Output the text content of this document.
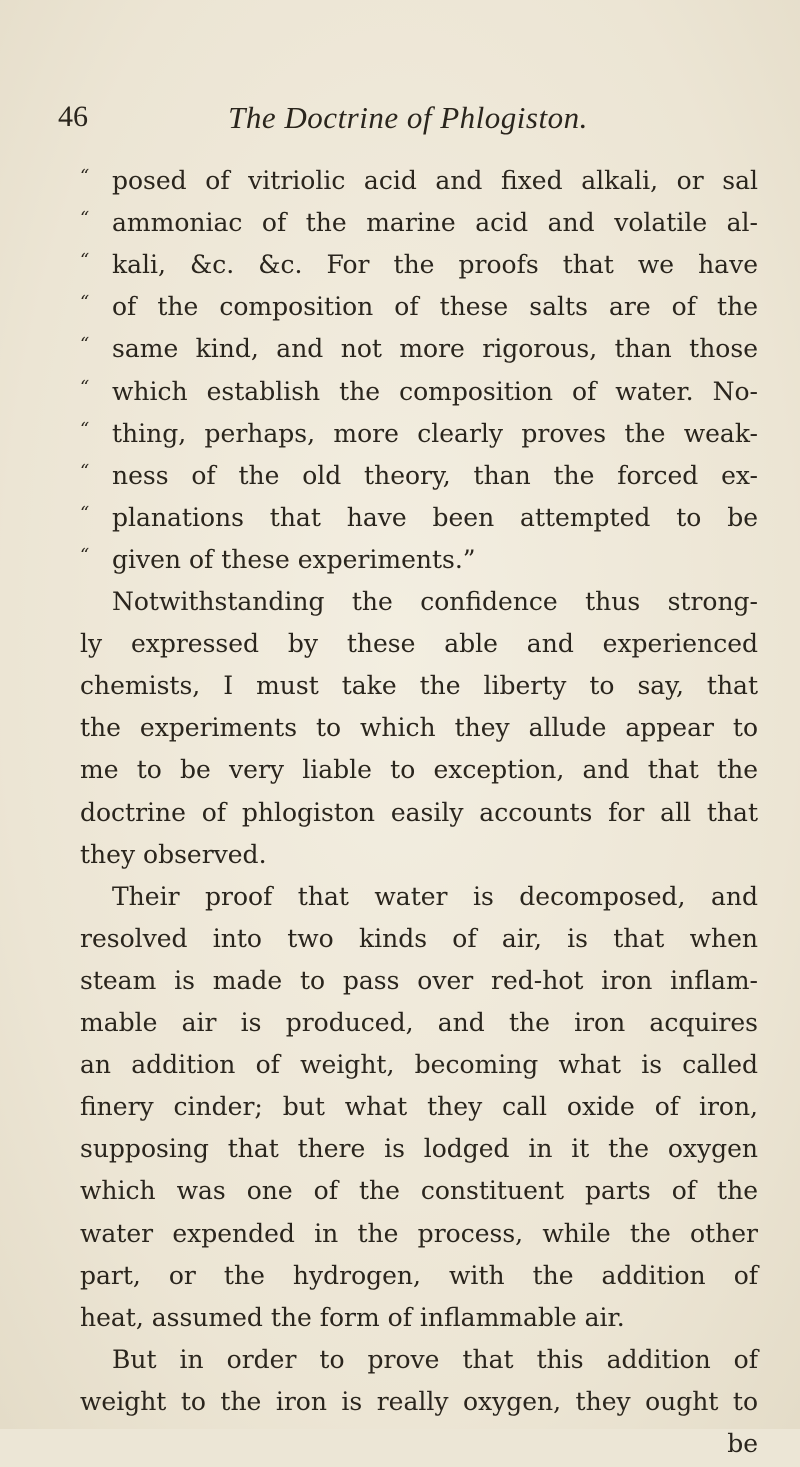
46	The Doctrine of Phlogiston.
“ posed of vitriolic acid and fixed alkali, or sal
“ ammoniac of the marine acid and volatile al-
“ kali, &c. &c. For the proofs that we have
“ of the composition of these salts are of the
“ same kind, and not more rigorous, than those
“ which establish the composition of water. No-
“ thing, perhaps, more clearly proves the weak-
“ ness of the old theory, than the forced ex-
“ planations that have been attempted to be
“ given of these experiments.”
Notwithstanding the confidence thus strong-
ly expressed by these able and experienced
chemists, I must take the liberty to say, that
the experiments to which they allude appear to
me to be very liable to exception, and that the
doctrine of phlogiston easily accounts for all that
they observed.
Their proof that water is decomposed, and
resolved into two kinds of air, is that when
steam is made to pass over red-hot iron inflam-
mable air is produced, and the iron acquires
an addition of weight, becoming what is called
finery cinder; but what they call oxide of iron,
supposing that there is lodged in it the oxygen
which was one of the constituent parts of the
water expended in the process, while the other
part, or the hydrogen, with the addition of
heat, assumed the form of inflammable air.
But in order to prove that this addition of
weight to the iron is really oxygen, they ought to
be
